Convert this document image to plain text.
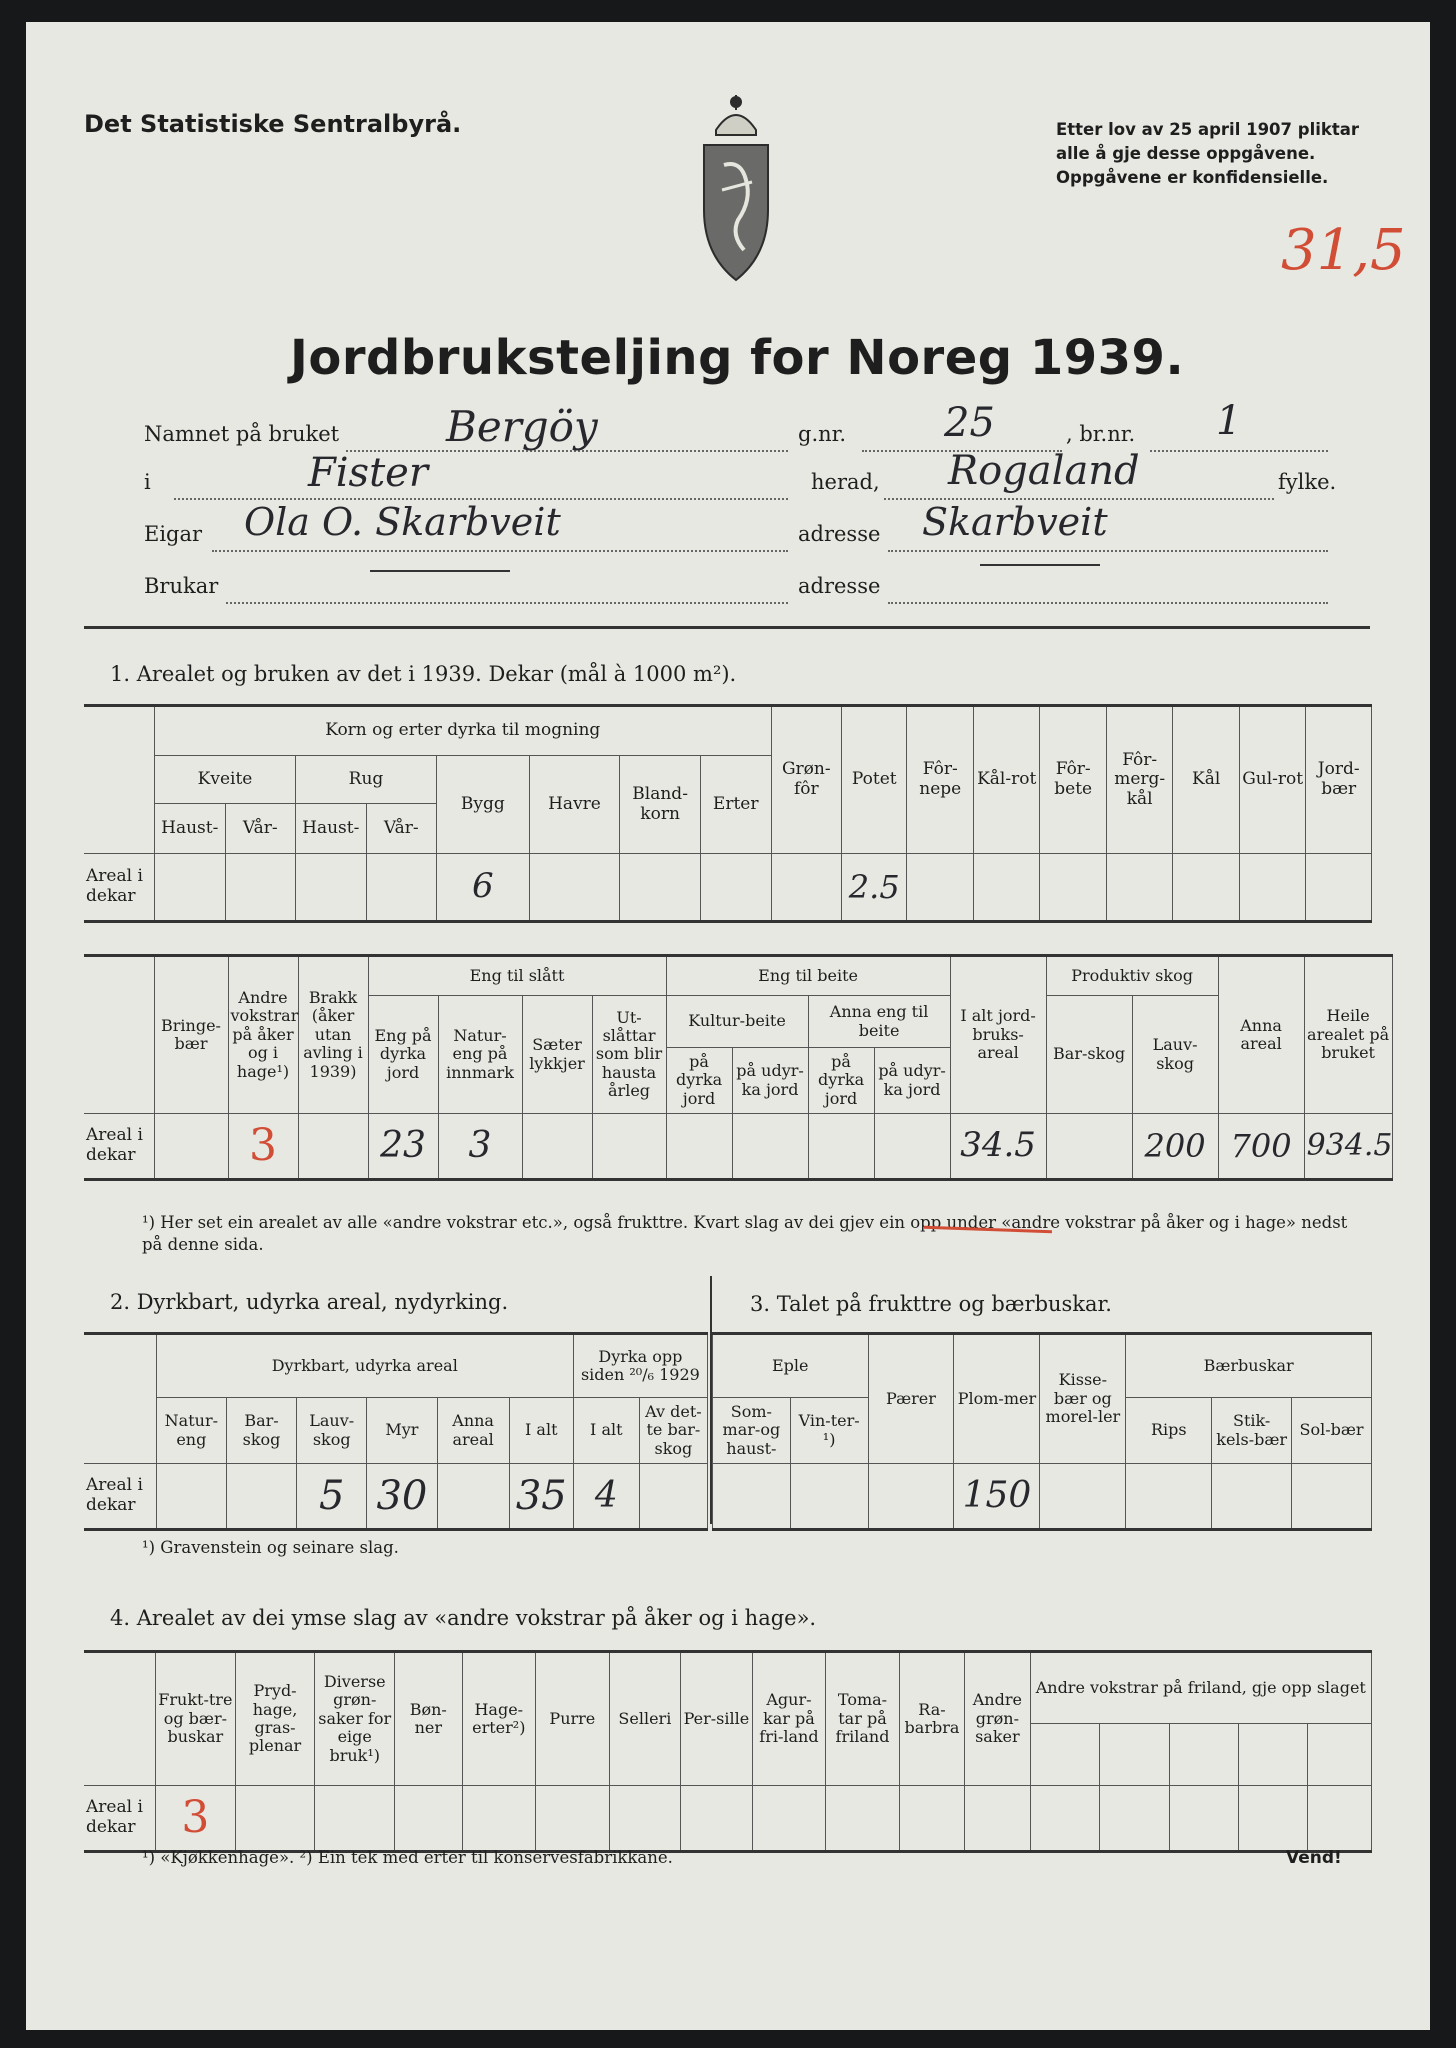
Det Statistiske Sentralbyrå.	Etter lov av 25 april 1907 pliktar
alle å gje desse oppgåvene.
Oppgåvene er konfidensielle.
31,5
Jordbruksteljing for Noreg 1939.
Namnet på bruket	Bergöy	g.nr. 25	, br.nr. 1
i	Fister	herad, Rogaland	fylke.
Eigar Ola O. Skarbveit	adresse Skarbveit
Brukar	adresse
1. Arealet og bruken av det i 1939. Dekar (mål à 1000 m²).
	Korn og erter dyrka til mogning								Grøn-fôr	Potet	Fôr-nepe	Kål-rot	Fôr-bete	Fôr-merg-kål	Kål	Gul-rot	Jord-bær
	Kveite		Rug		Bygg	Havre	Bland-korn	Erter									
	Haust-	Vår-	Haust-	Vår-													
Areal i dekar					6					2.5							
	Bringe-bær	Andre vokstrar på åker og i hage¹)	Brakk (åker utan avling i 1939)	Eng til slått				Eng til beite				I alt jord-bruks-areal	Produktiv skog		Anna areal	Heile arealet på bruket
				Eng på dyrka jord	Natur-eng på innmark	Sæter lykkjer	Ut-slåttar som blir hausta årleg	Kultur-beite		Anna eng til beite			Bar-skog	Lauv-skog		
								på dyrka jord	på udyr-ka jord	på dyrka jord	på udyr-ka jord					
Areal i dekar		3		23	3							34.5		200	700	934.5
¹) Her set ein arealet av alle «andre vokstrar etc.», også frukttre. Kvart slag av dei gjev ein opp under «andre vokstrar på åker og i hage» nedst på denne sida.
2. Dyrkbart, udyrka areal, nydyrking.	3. Talet på frukttre og bærbuskar.
	Dyrkbart, udyrka areal						Dyrka opp siden ²⁰/₆ 1929	
	Natur-eng	Bar-skog	Lauv-skog	Myr	Anna areal	I alt	I alt	Av det-te bar-skog
Areal i dekar			5	30		35	4	
Eple		Pærer	Plom-mer	Kisse-bær og morel-ler	Bærbuskar		
Som-mar-og haust-	Vin-ter-¹)				Rips	Stik-kels-bær	Sol-bær
			150				
¹) Gravenstein og seinare slag.
4. Arealet av dei ymse slag av «andre vokstrar på åker og i hage».
	Frukt-tre og bær-buskar	Pryd-hage, gras-plenar	Diverse grøn-saker for eige bruk¹)	Bøn-ner	Hage-erter²)	Purre	Selleri	Per-sille	Agur-kar på fri-land	Toma-tar på friland	Ra-barbra	Andre grøn-saker	Andre vokstrar på friland, gje opp slaget				

Areal i dekar	3																
¹) «Kjøkkenhage». ²) Ein tek med erter til konservesfabrikkane.	Vend!
